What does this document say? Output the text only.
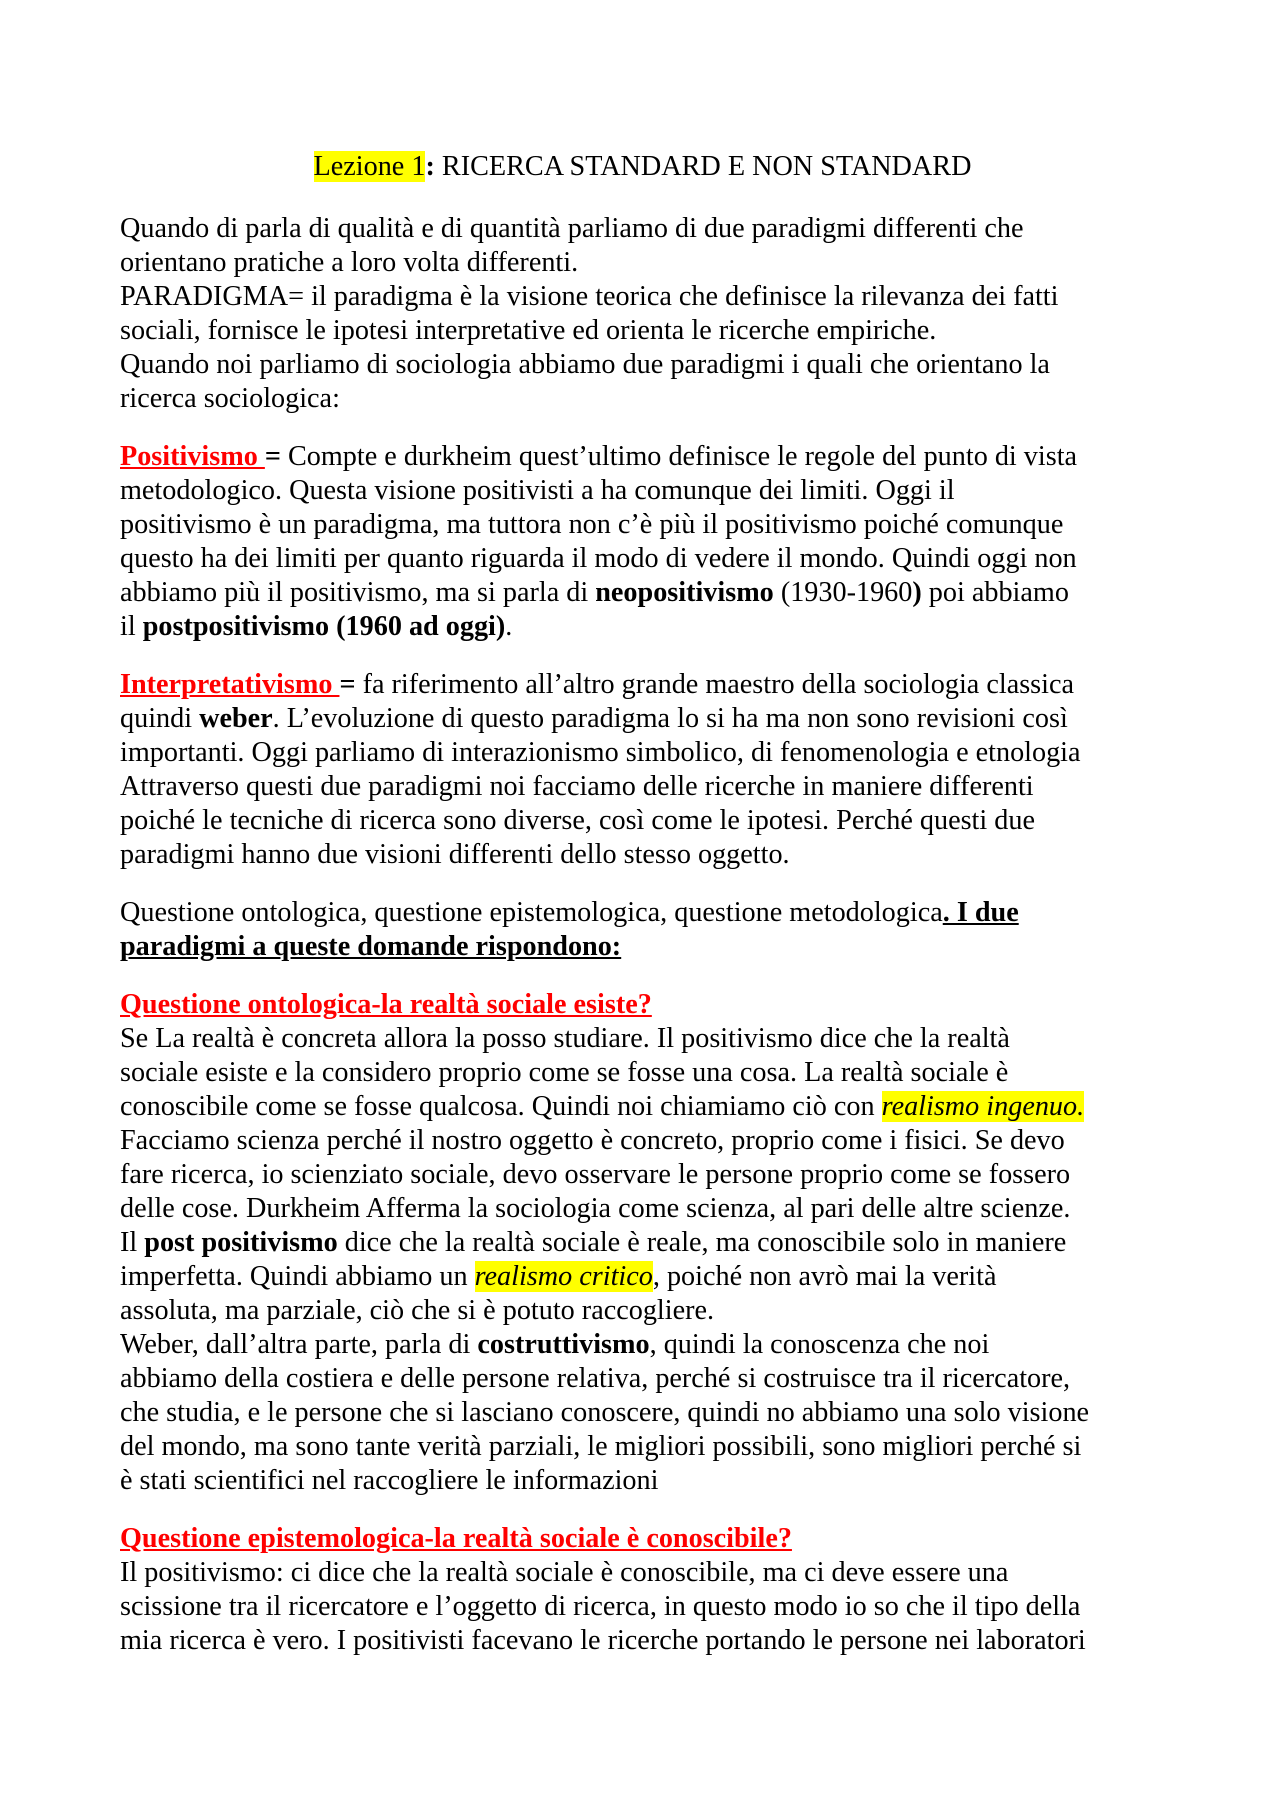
Lezione 1: RICERCA STANDARD E NON STANDARD

Quando di parla di qualità e di quantità parliamo di due paradigmi differenti che
orientano pratiche a loro volta differenti.
PARADIGMA= il paradigma è la visione teorica che definisce la rilevanza dei fatti
sociali, fornisce le ipotesi interpretative ed orienta le ricerche empiriche.
Quando noi parliamo di sociologia abbiamo due paradigmi i quali che orientano la
ricerca sociologica:

Positivismo = Compte e durkheim quest’ultimo definisce le regole del punto di vista
metodologico. Questa visione positivisti a ha comunque dei limiti. Oggi il
positivismo è un paradigma, ma tuttora non c’è più il positivismo poiché comunque
questo ha dei limiti per quanto riguarda il modo di vedere il mondo. Quindi oggi non
abbiamo più il positivismo, ma si parla di neopositivismo (1930-1960) poi abbiamo
il postpositivismo (1960 ad oggi).

Interpretativismo = fa riferimento all’altro grande maestro della sociologia classica
quindi weber. L’evoluzione di questo paradigma lo si ha ma non sono revisioni così
importanti. Oggi parliamo di interazionismo simbolico, di fenomenologia e etnologia
Attraverso questi due paradigmi noi facciamo delle ricerche in maniere differenti
poiché le tecniche di ricerca sono diverse, così come le ipotesi. Perché questi due
paradigmi hanno due visioni differenti dello stesso oggetto.

Questione ontologica, questione epistemologica, questione metodologica. I due
paradigmi a queste domande rispondono:

Questione ontologica-la realtà sociale esiste?
Se La realtà è concreta allora la posso studiare. Il positivismo dice che la realtà
sociale esiste e la considero proprio come se fosse una cosa. La realtà sociale è
conoscibile come se fosse qualcosa. Quindi noi chiamiamo ciò con realismo ingenuo.
Facciamo scienza perché il nostro oggetto è concreto, proprio come i fisici. Se devo
fare ricerca, io scienziato sociale, devo osservare le persone proprio come se fossero
delle cose. Durkheim Afferma la sociologia come scienza, al pari delle altre scienze.
Il post positivismo dice che la realtà sociale è reale, ma conoscibile solo in maniere
imperfetta. Quindi abbiamo un realismo critico, poiché non avrò mai la verità
assoluta, ma parziale, ciò che si è potuto raccogliere.
Weber, dall’altra parte, parla di costruttivismo, quindi la conoscenza che noi
abbiamo della costiera e delle persone relativa, perché si costruisce tra il ricercatore,
che studia, e le persone che si lasciano conoscere, quindi no abbiamo una solo visione
del mondo, ma sono tante verità parziali, le migliori possibili, sono migliori perché si
è stati scientifici nel raccogliere le informazioni

Questione epistemologica-la realtà sociale è conoscibile?
Il positivismo: ci dice che la realtà sociale è conoscibile, ma ci deve essere una
scissione tra il ricercatore e l’oggetto di ricerca, in questo modo io so che il tipo della
mia ricerca è vero. I positivisti facevano le ricerche portando le persone nei laboratori
